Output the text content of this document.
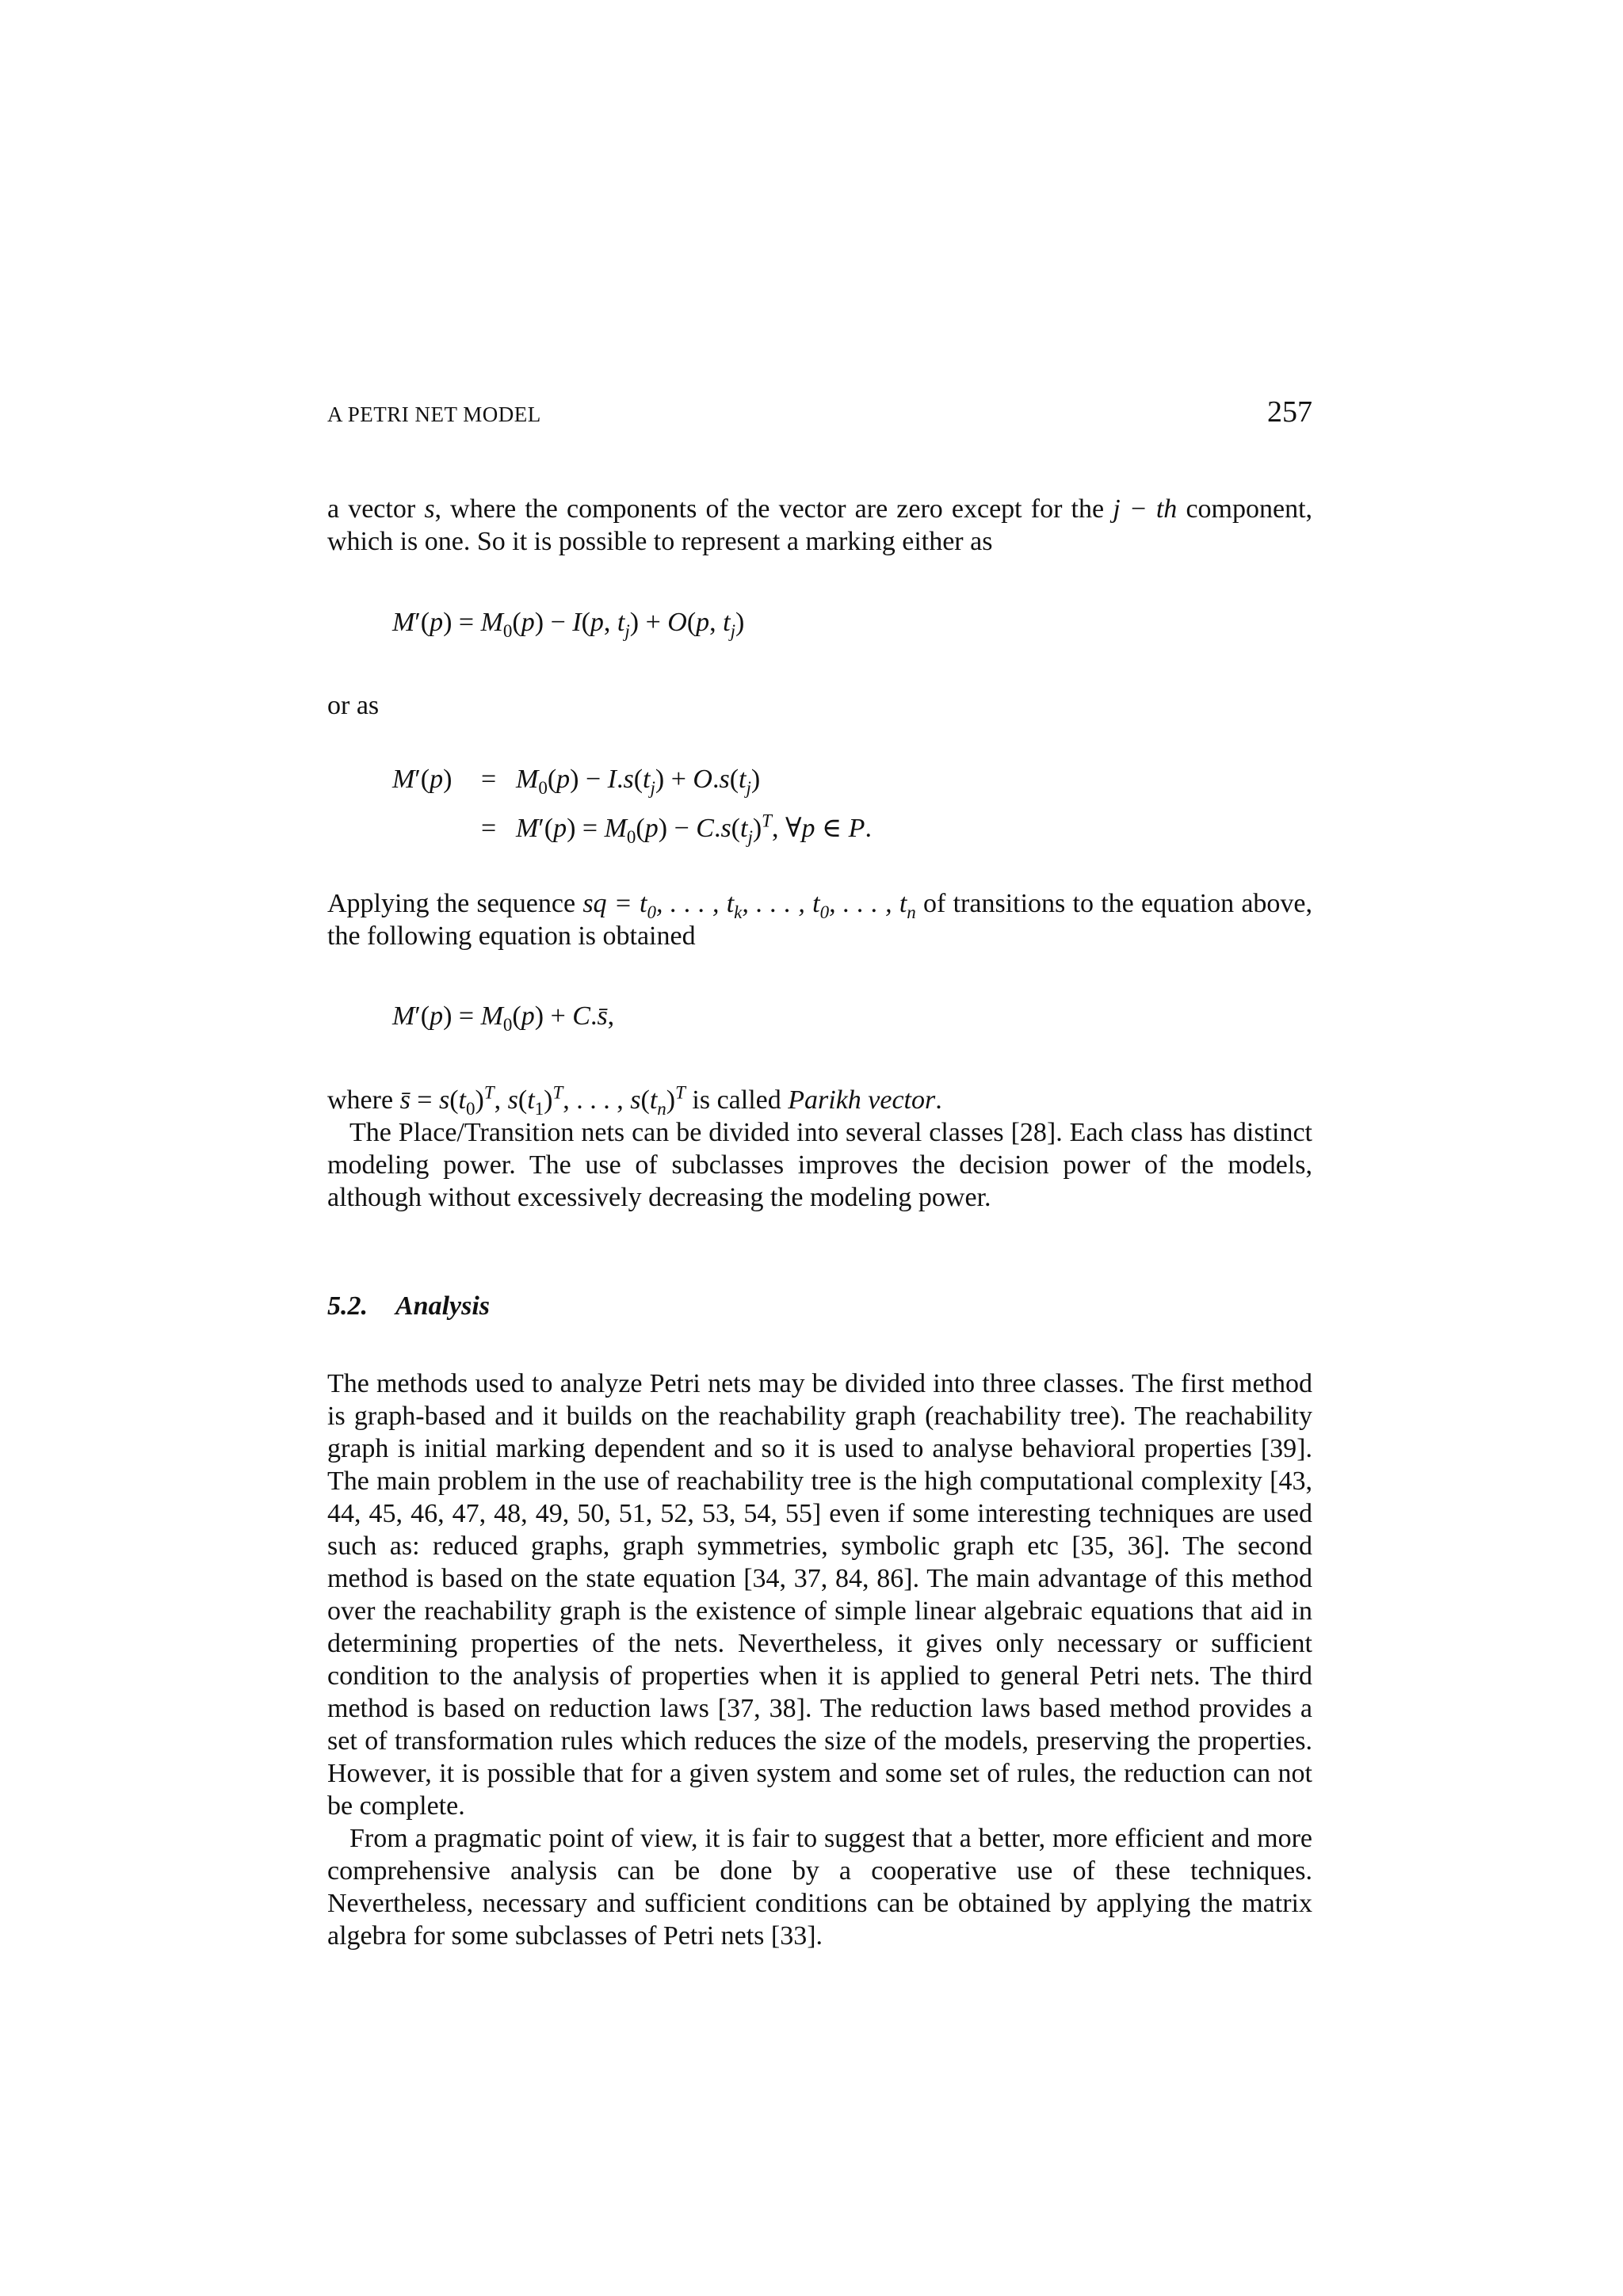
A PETRI NET MODEL	257

a vector s, where the components of the vector are zero except for the j − th component, which is one. So it is possible to represent a marking either as

$M'(p) = M_0(p) - I(p$, $t_j) + O(p$, $t_j$)

or as

$M'(p) = M_0(p) - I.s(t_j) + O.s(t_j)$
= $M'(p) = M_0(p) - C.s(t_j)^T$, ∀p ∈ P.

Applying the sequence sq = $t_0$, . . . , $t_k$, . . . , $t_0$, . . . , $t_n$ of transitions to the equation above, the following equation is obtained

$M'(p) = M_0(p)$ + C.s̄,

where s̄ = $s(t_0)^T$, $s(t_1)^T$, . . . , $s(t_n)^T$ is called Parikh vector.

The Place/Transition nets can be divided into several classes [28]. Each class has distinct modeling power. The use of subclasses improves the decision power of the models, although without excessively decreasing the modeling power.

5.2. Analysis

The methods used to analyze Petri nets may be divided into three classes. The first method is graph-based and it builds on the reachability graph (reachability tree). The reachability graph is initial marking dependent and so it is used to analyse behavioral properties [39]. The main problem in the use of reachability tree is the high computational complexity [43, 44, 45, 46, 47, 48, 49, 50, 51, 52, 53, 54, 55] even if some interesting techniques are used such as: reduced graphs, graph symmetries, symbolic graph etc [35, 36]. The second method is based on the state equation [34, 37, 84, 86]. The main advantage of this method over the reachability graph is the existence of simple linear algebraic equations that aid in determining properties of the nets. Nevertheless, it gives only necessary or sufficient condition to the analysis of properties when it is applied to general Petri nets. The third method is based on reduction laws [37, 38]. The reduction laws based method provides a set of transformation rules which reduces the size of the models, preserving the properties. However, it is possible that for a given system and some set of rules, the reduction can not be complete.

From a pragmatic point of view, it is fair to suggest that a better, more efficient and more comprehensive analysis can be done by a cooperative use of these techniques. Nevertheless, necessary and sufficient conditions can be obtained by applying the matrix algebra for some subclasses of Petri nets [33].
